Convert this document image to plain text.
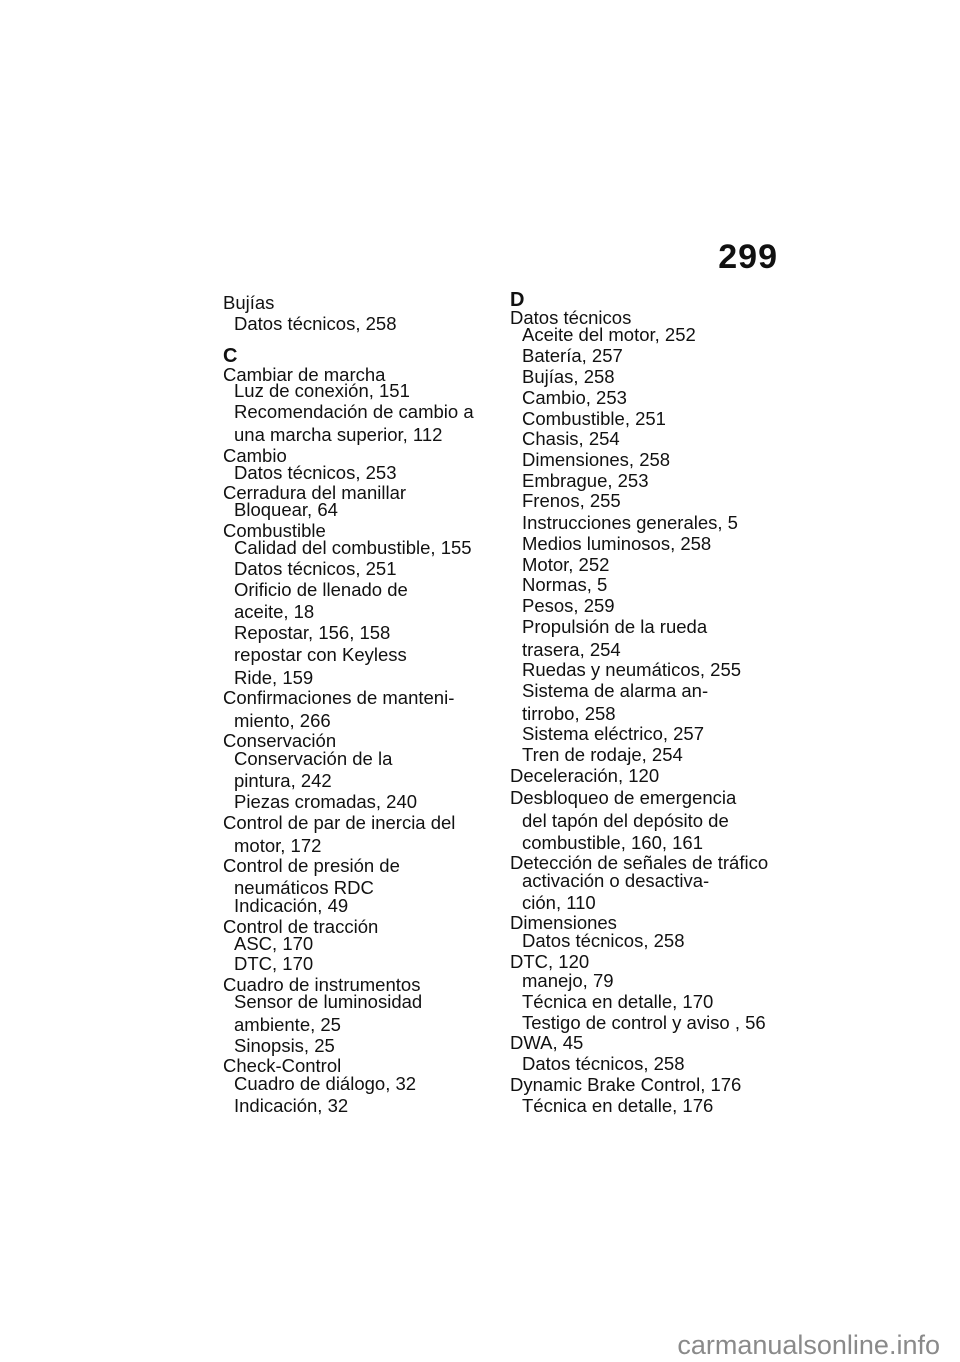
299
Bujías
Datos técnicos, 258
C
Cambiar de marcha
Luz de conexión, 151
Recomendación de cambio a
una marcha superior, 112
Cambio
Datos técnicos, 253
Cerradura del manillar
Bloquear, 64
Combustible
Calidad del combustible, 155
Datos técnicos, 251
Orificio de llenado de
aceite, 18
Repostar, 156, 158
repostar con Keyless
Ride, 159
Confirmaciones de manteni-
miento, 266
Conservación
Conservación de la
pintura, 242
Piezas cromadas, 240
Control de par de inercia del
motor, 172
Control de presión de
neumáticos RDC
Indicación, 49
Control de tracción
ASC, 170
DTC, 170
Cuadro de instrumentos
Sensor de luminosidad
ambiente, 25
Sinopsis, 25
Check-Control
Cuadro de diálogo, 32
Indicación, 32
D
Datos técnicos
Aceite del motor, 252
Batería, 257
Bujías, 258
Cambio, 253
Combustible, 251
Chasis, 254
Dimensiones, 258
Embrague, 253
Frenos, 255
Instrucciones generales, 5
Medios luminosos, 258
Motor, 252
Normas, 5
Pesos, 259
Propulsión de la rueda
trasera, 254
Ruedas y neumáticos, 255
Sistema de alarma an-
tirrobo, 258
Sistema eléctrico, 257
Tren de rodaje, 254
Deceleración, 120
Desbloqueo de emergencia
del tapón del depósito de
combustible, 160, 161
Detección de señales de tráfico
activación o desactiva-
ción, 110
Dimensiones
Datos técnicos, 258
DTC, 120
manejo, 79
Técnica en detalle, 170
Testigo de control y aviso , 56
DWA, 45
Datos técnicos, 258
Dynamic Brake Control, 176
Técnica en detalle, 176
carmanualsonline.info
